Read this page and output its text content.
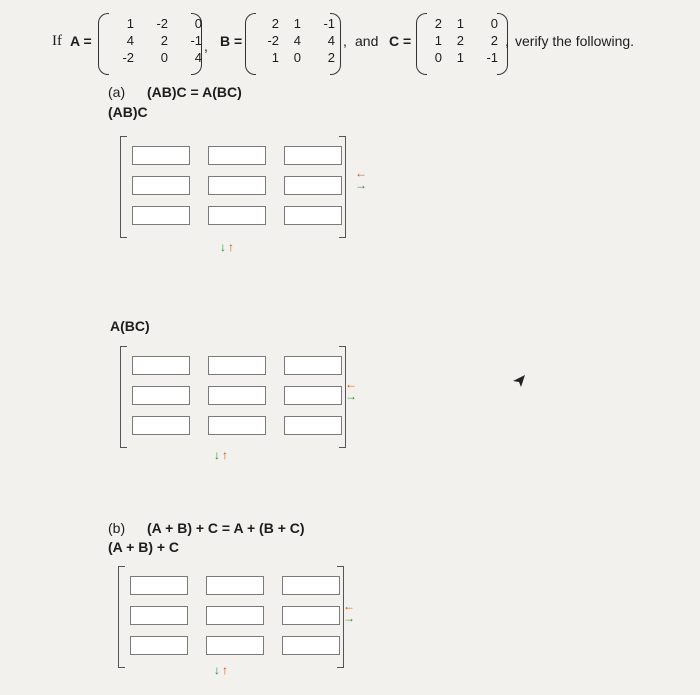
If A =
1	-2	0
4	2	-1
-2	0	4
, B =
2	1	-1
-2	4	4
1	0	2
, and C =
2	1	0
1	2	2
0	1	-1
, verify the following.
(a) (AB)C = A(BC)
(AB)C
←
→
↓↑
A(BC)
←
→
↓↑
(b) (A + B) + C = A + (B + C)
(A + B) + C
←
→
↓↑
